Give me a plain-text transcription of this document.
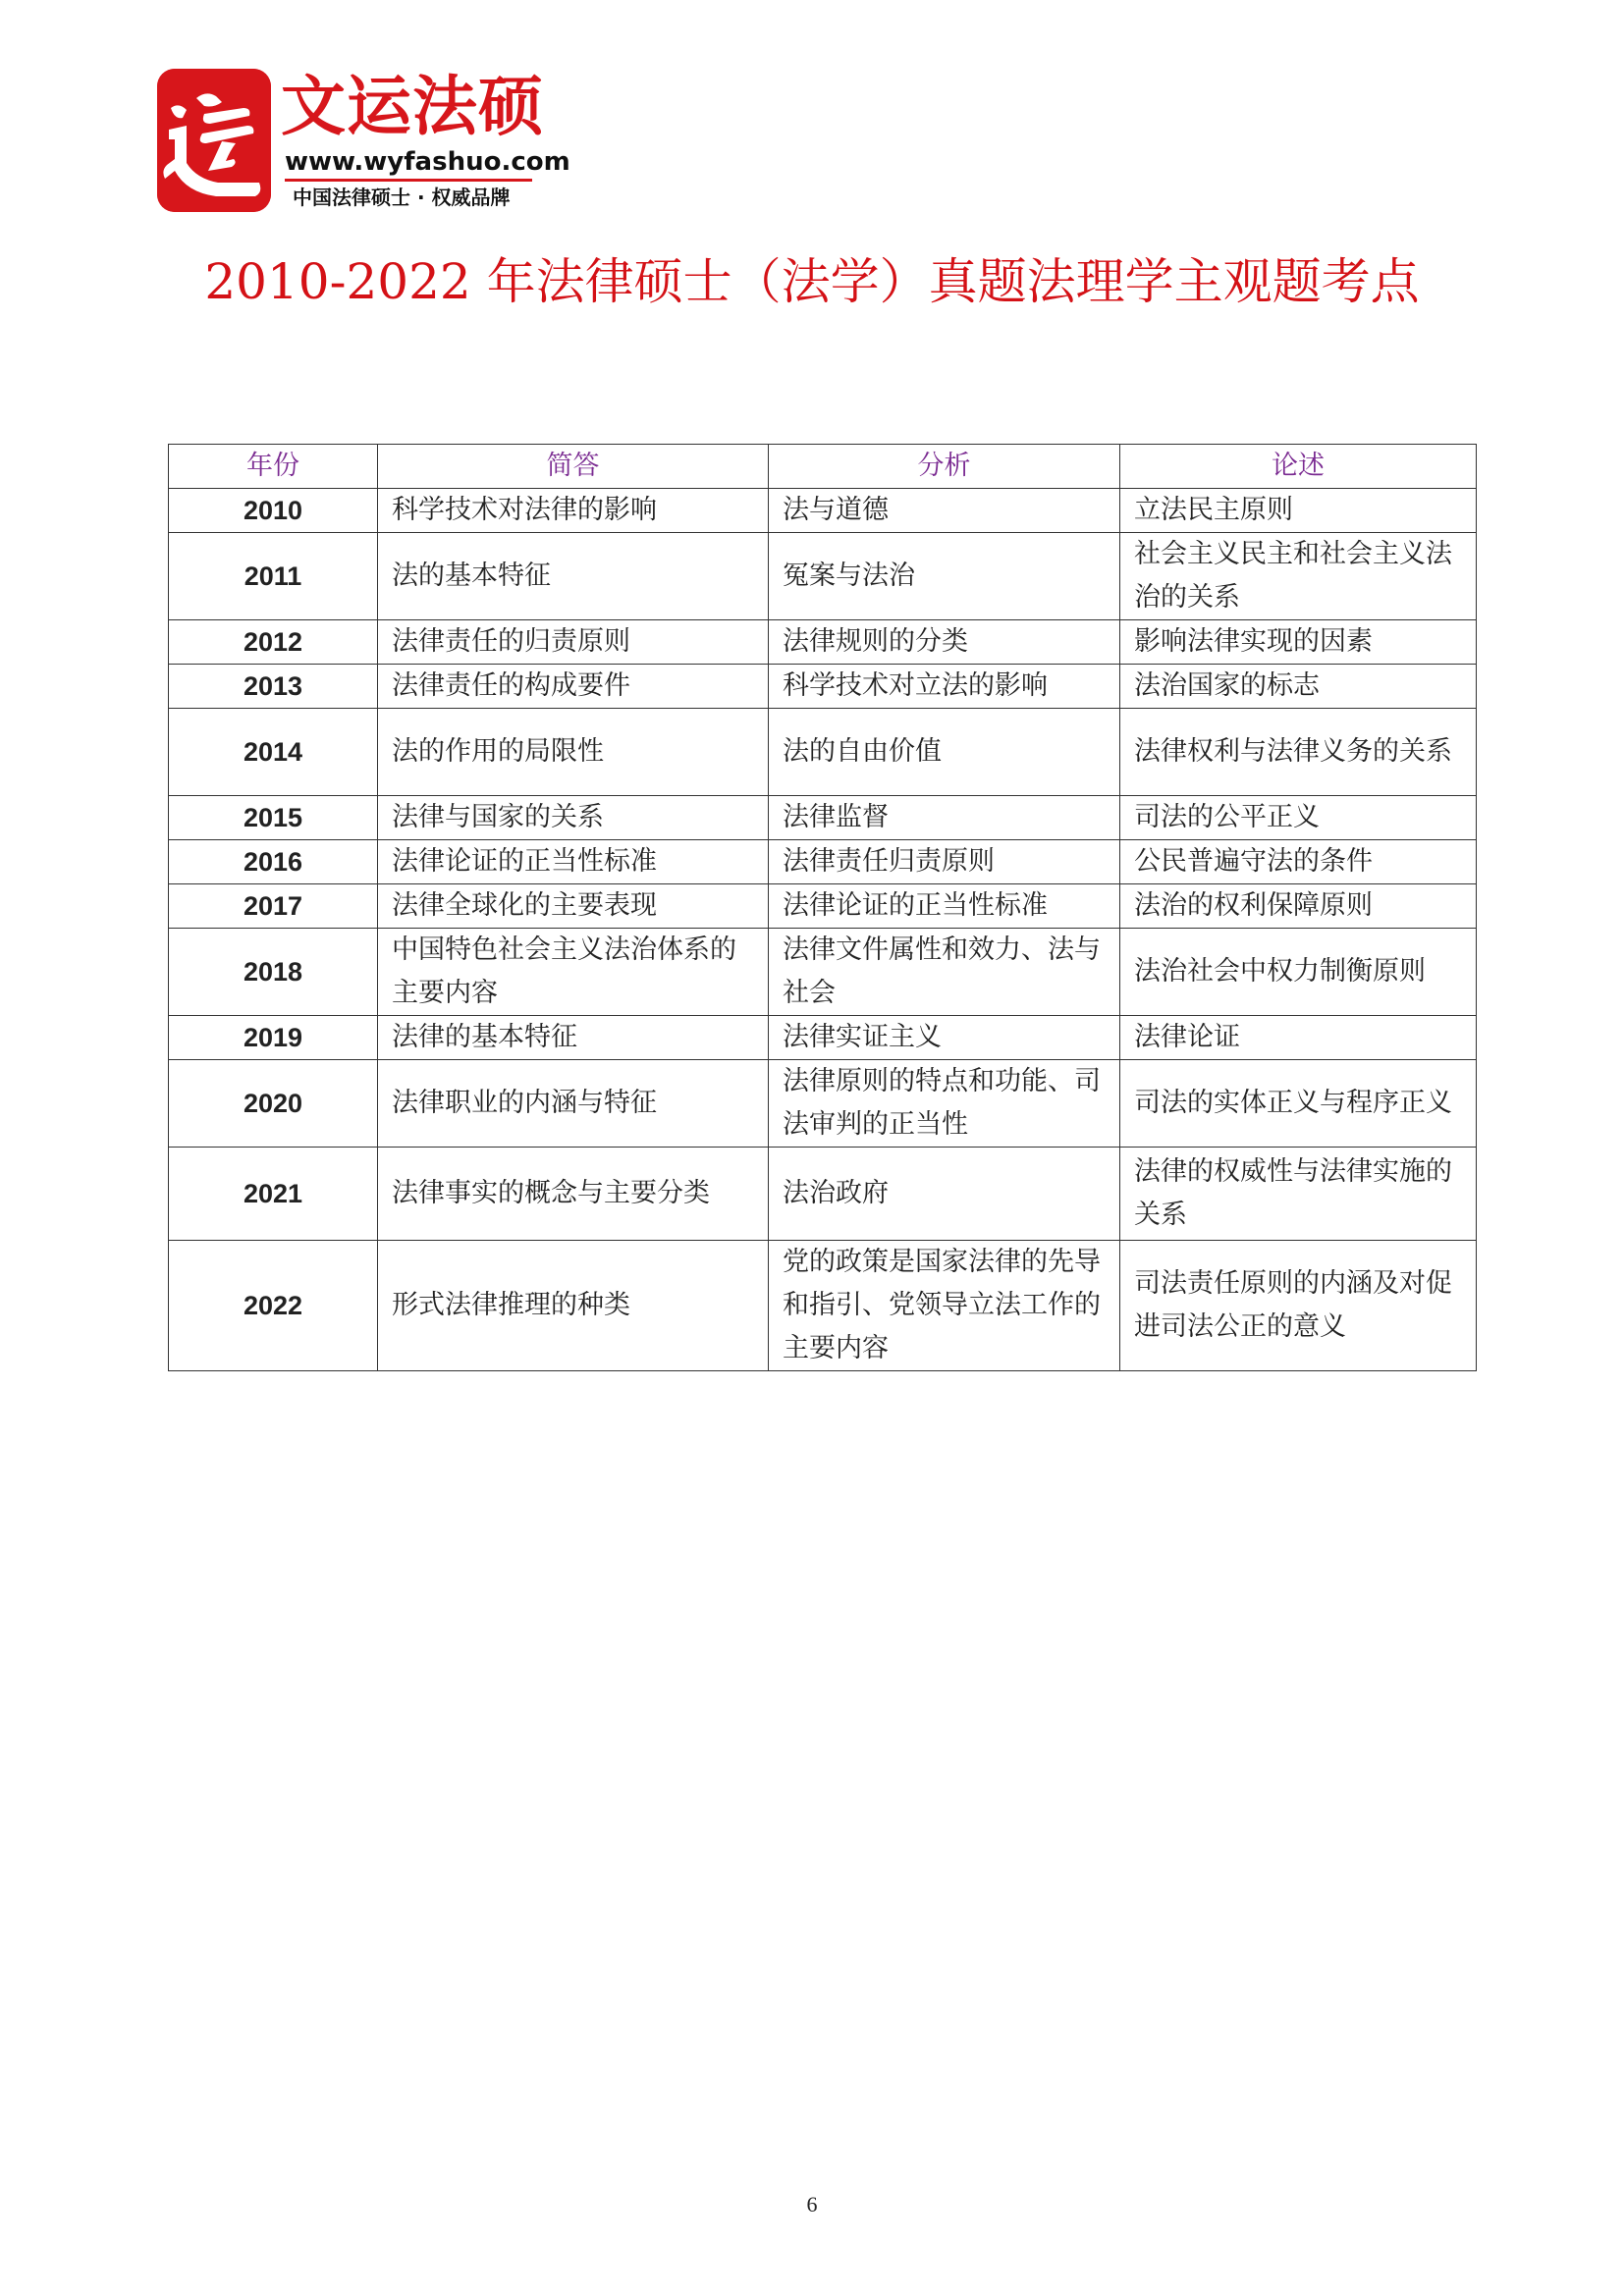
文运法硕
www.wyfashuo.com
中国法律硕士 · 权威品牌
2010-2022 年法律硕士（法学）真题法理学主观题考点
年份	简答	分析	论述
2010	科学技术对法律的影响	法与道德	立法民主原则
2011	法的基本特征	冤案与法治	社会主义民主和社会主义法治的关系
2012	法律责任的归责原则	法律规则的分类	影响法律实现的因素
2013	法律责任的构成要件	科学技术对立法的影响	法治国家的标志
2014	法的作用的局限性	法的自由价值	法律权利与法律义务的关系
2015	法律与国家的关系	法律监督	司法的公平正义
2016	法律论证的正当性标准	法律责任归责原则	公民普遍守法的条件
2017	法律全球化的主要表现	法律论证的正当性标准	法治的权利保障原则
2018	中国特色社会主义法治体系的主要内容	法律文件属性和效力、法与社会	法治社会中权力制衡原则
2019	法律的基本特征	法律实证主义	法律论证
2020	法律职业的内涵与特征	法律原则的特点和功能、司法审判的正当性	司法的实体正义与程序正义
2021	法律事实的概念与主要分类	法治政府	法律的权威性与法律实施的关系
2022	形式法律推理的种类	党的政策是国家法律的先导和指引、党领导立法工作的主要内容	司法责任原则的内涵及对促进司法公正的意义
6
